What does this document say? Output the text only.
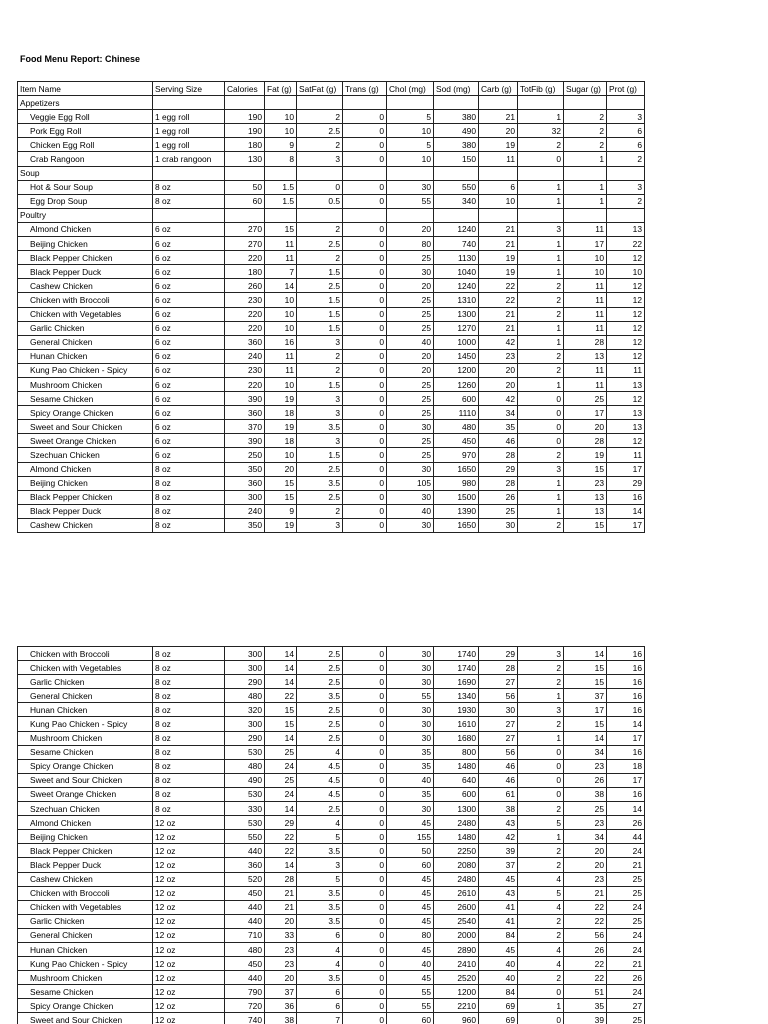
Food Menu Report: Chinese
Item Name	Serving Size	Calories	Fat (g)	SatFat (g)	Trans (g)	Chol (mg)	Sod (mg)	Carb (g)	TotFib (g)	Sugar (g)	Prot (g)
Appetizers											
Veggie Egg Roll	1 egg roll	190	10	2	0	5	380	21	1	2	3
Pork Egg Roll	1 egg roll	190	10	2.5	0	10	490	20	32	2	6
Chicken Egg Roll	1 egg roll	180	9	2	0	5	380	19	2	2	6
Crab Rangoon	1 crab rangoon	130	8	3	0	10	150	11	0	1	2
Soup											
Hot & Sour Soup	8 oz	50	1.5	0	0	30	550	6	1	1	3
Egg Drop Soup	8 oz	60	1.5	0.5	0	55	340	10	1	1	2
Poultry											
Almond Chicken	6 oz	270	15	2	0	20	1240	21	3	11	13
Beijing Chicken	6 oz	270	11	2.5	0	80	740	21	1	17	22
Black Pepper Chicken	6 oz	220	11	2	0	25	1130	19	1	10	12
Black Pepper Duck	6 oz	180	7	1.5	0	30	1040	19	1	10	10
Cashew Chicken	6 oz	260	14	2.5	0	20	1240	22	2	11	12
Chicken with Broccoli	6 oz	230	10	1.5	0	25	1310	22	2	11	12
Chicken with Vegetables	6 oz	220	10	1.5	0	25	1300	21	2	11	12
Garlic Chicken	6 oz	220	10	1.5	0	25	1270	21	1	11	12
General Chicken	6 oz	360	16	3	0	40	1000	42	1	28	12
Hunan Chicken	6 oz	240	11	2	0	20	1450	23	2	13	12
Kung Pao Chicken - Spicy	6 oz	230	11	2	0	20	1200	20	2	11	11
Mushroom Chicken	6 oz	220	10	1.5	0	25	1260	20	1	11	13
Sesame Chicken	6 oz	390	19	3	0	25	600	42	0	25	12
Spicy Orange Chicken	6 oz	360	18	3	0	25	1110	34	0	17	13
Sweet and Sour Chicken	6 oz	370	19	3.5	0	30	480	35	0	20	13
Sweet Orange Chicken	6 oz	390	18	3	0	25	450	46	0	28	12
Szechuan Chicken	6 oz	250	10	1.5	0	25	970	28	2	19	11
Almond Chicken	8 oz	350	20	2.5	0	30	1650	29	3	15	17
Beijing Chicken	8 oz	360	15	3.5	0	105	980	28	1	23	29
Black Pepper Chicken	8 oz	300	15	2.5	0	30	1500	26	1	13	16
Black Pepper Duck	8 oz	240	9	2	0	40	1390	25	1	13	14
Cashew Chicken	8 oz	350	19	3	0	30	1650	30	2	15	17
Chicken with Broccoli	8 oz	300	14	2.5	0	30	1740	29	3	14	16
Chicken with Vegetables	8 oz	300	14	2.5	0	30	1740	28	2	15	16
Garlic Chicken	8 oz	290	14	2.5	0	30	1690	27	2	15	16
General Chicken	8 oz	480	22	3.5	0	55	1340	56	1	37	16
Hunan Chicken	8 oz	320	15	2.5	0	30	1930	30	3	17	16
Kung Pao Chicken - Spicy	8 oz	300	15	2.5	0	30	1610	27	2	15	14
Mushroom Chicken	8 oz	290	14	2.5	0	30	1680	27	1	14	17
Sesame Chicken	8 oz	530	25	4	0	35	800	56	0	34	16
Spicy Orange Chicken	8 oz	480	24	4.5	0	35	1480	46	0	23	18
Sweet and Sour Chicken	8 oz	490	25	4.5	0	40	640	46	0	26	17
Sweet Orange Chicken	8 oz	530	24	4.5	0	35	600	61	0	38	16
Szechuan Chicken	8 oz	330	14	2.5	0	30	1300	38	2	25	14
Almond Chicken	12 oz	530	29	4	0	45	2480	43	5	23	26
Beijing Chicken	12 oz	550	22	5	0	155	1480	42	1	34	44
Black Pepper Chicken	12 oz	440	22	3.5	0	50	2250	39	2	20	24
Black Pepper Duck	12 oz	360	14	3	0	60	2080	37	2	20	21
Cashew Chicken	12 oz	520	28	5	0	45	2480	45	4	23	25
Chicken with Broccoli	12 oz	450	21	3.5	0	45	2610	43	5	21	25
Chicken with Vegetables	12 oz	440	21	3.5	0	45	2600	41	4	22	24
Garlic Chicken	12 oz	440	20	3.5	0	45	2540	41	2	22	25
General Chicken	12 oz	710	33	6	0	80	2000	84	2	56	24
Hunan Chicken	12 oz	480	23	4	0	45	2890	45	4	26	24
Kung Pao Chicken - Spicy	12 oz	450	23	4	0	40	2410	40	4	22	21
Mushroom Chicken	12 oz	440	20	3.5	0	45	2520	40	2	22	26
Sesame Chicken	12 oz	790	37	6	0	55	1200	84	0	51	24
Spicy Orange Chicken	12 oz	720	36	6	0	55	2210	69	1	35	27
Sweet and Sour Chicken	12 oz	740	38	7	0	60	960	69	0	39	25
